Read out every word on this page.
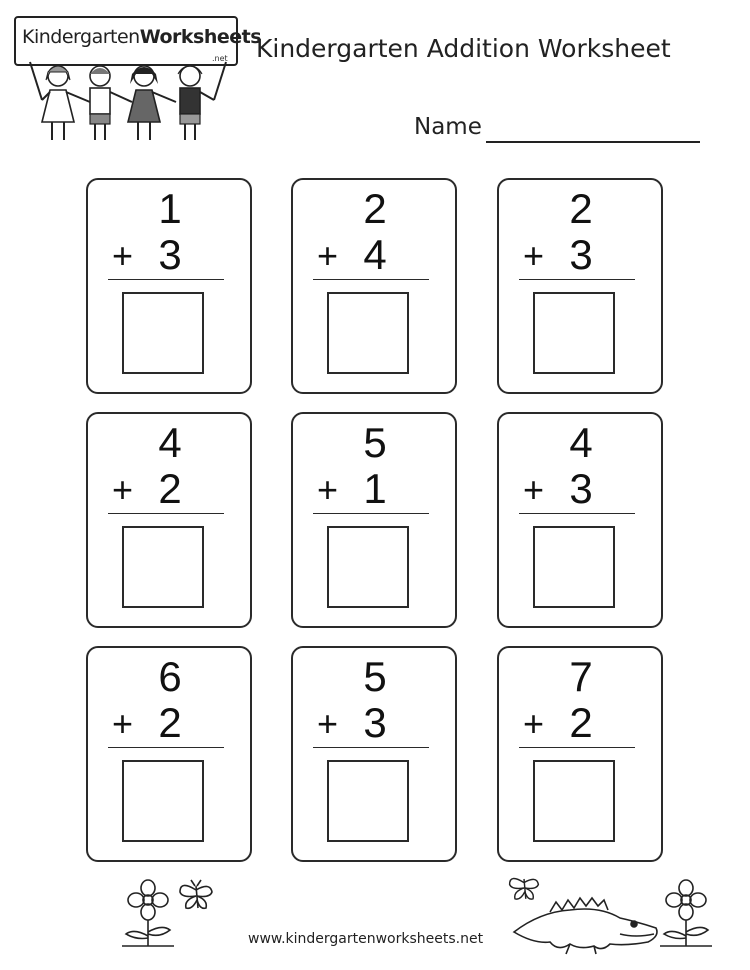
KindergartenWorksheets
.net Kindergarten Addition Worksheet
Name
1
+ 3
2
+ 4
2
+ 3
4
+ 2
5
+ 1
4
+ 3
6
+ 2
5
+ 3
7
+ 2
www.kindergartenworksheets.net
